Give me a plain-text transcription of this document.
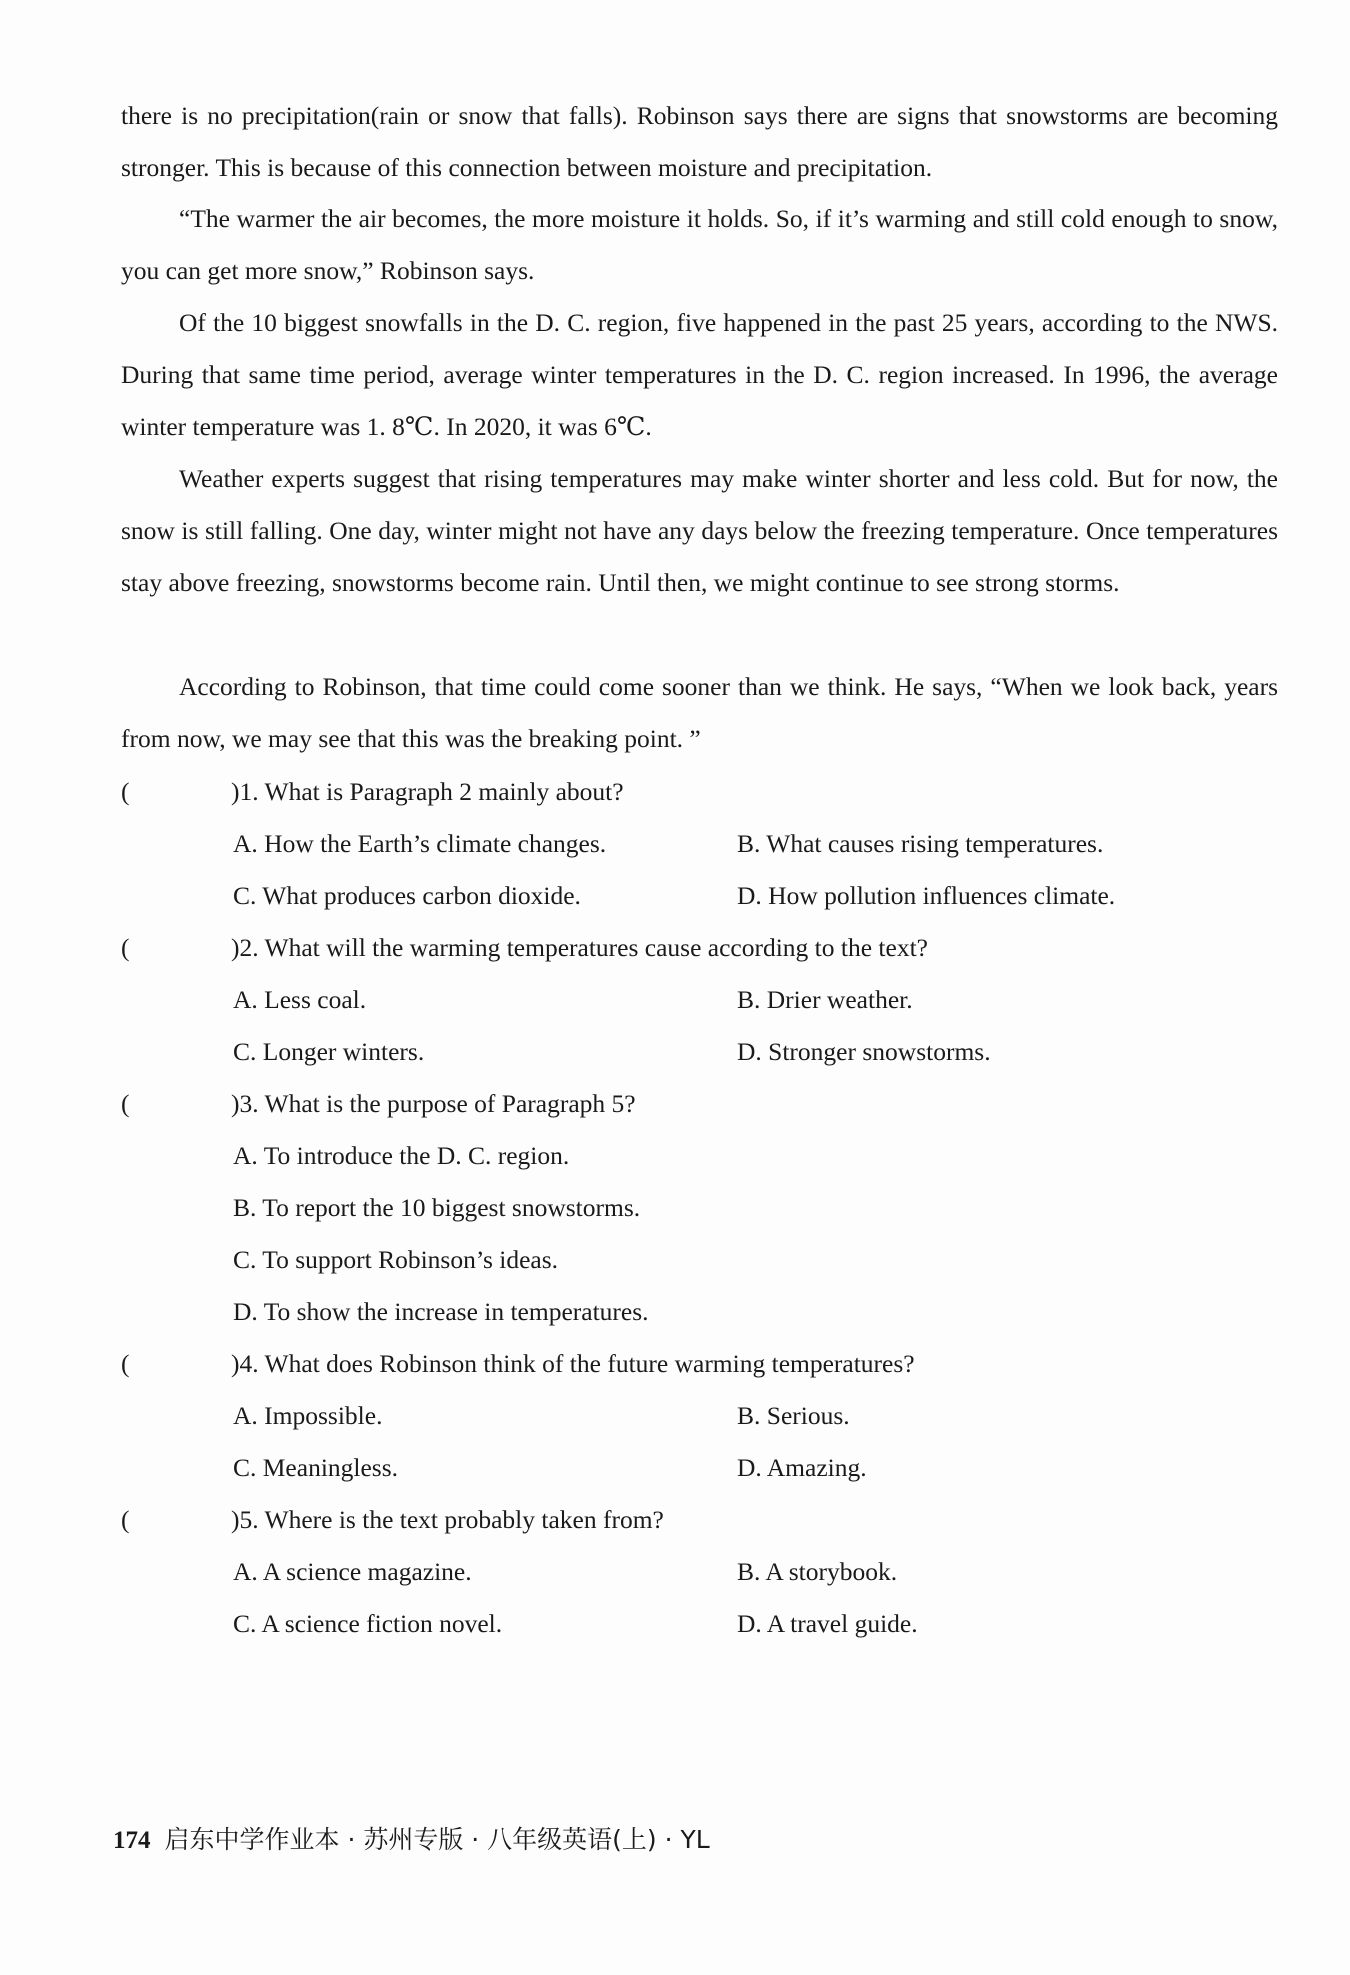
there is no precipitation(rain or snow that falls). Robinson says there are signs that snowstorms are becoming stronger. This is because of this connection between moisture and precipitation.

“The warmer the air becomes, the more moisture it holds. So, if it’s warming and still cold enough to snow, you can get more snow,” Robinson says.

Of the 10 biggest snowfalls in the D. C. region, five happened in the past 25 years, according to the NWS. During that same time period, average winter temperatures in the D. C. region increased. In 1996, the average winter temperature was 1. 8℃. In 2020, it was 6℃.

Weather experts suggest that rising temperatures may make winter shorter and less cold. But for now, the snow is still falling. One day, winter might not have any days below the freezing temperature. Once temperatures stay above freezing, snowstorms become rain. Until then, we might continue to see strong storms.

According to Robinson, that time could come sooner than we think. He says, “When we look back, years from now, we may see that this was the breaking point. ”

(	)1. What is Paragraph 2 mainly about?
A. How the Earth’s climate changes.	B. What causes rising temperatures.
C. What produces carbon dioxide.	D. How pollution influences climate.
(	)2. What will the warming temperatures cause according to the text?
A. Less coal.	B. Drier weather.
C. Longer winters.	D. Stronger snowstorms.
(	)3. What is the purpose of Paragraph 5?
A. To introduce the D. C. region.
B. To report the 10 biggest snowstorms.
C. To support Robinson’s ideas.
D. To show the increase in temperatures.
(	)4. What does Robinson think of the future warming temperatures?
A. Impossible.	B. Serious.
C. Meaningless.	D. Amazing.
(	)5. Where is the text probably taken from?
A. A science magazine.	B. A storybook.
C. A science fiction novel.	D. A travel guide.
174 启东中学作业本 · 苏州专版 · 八年级英语(上) · YL
